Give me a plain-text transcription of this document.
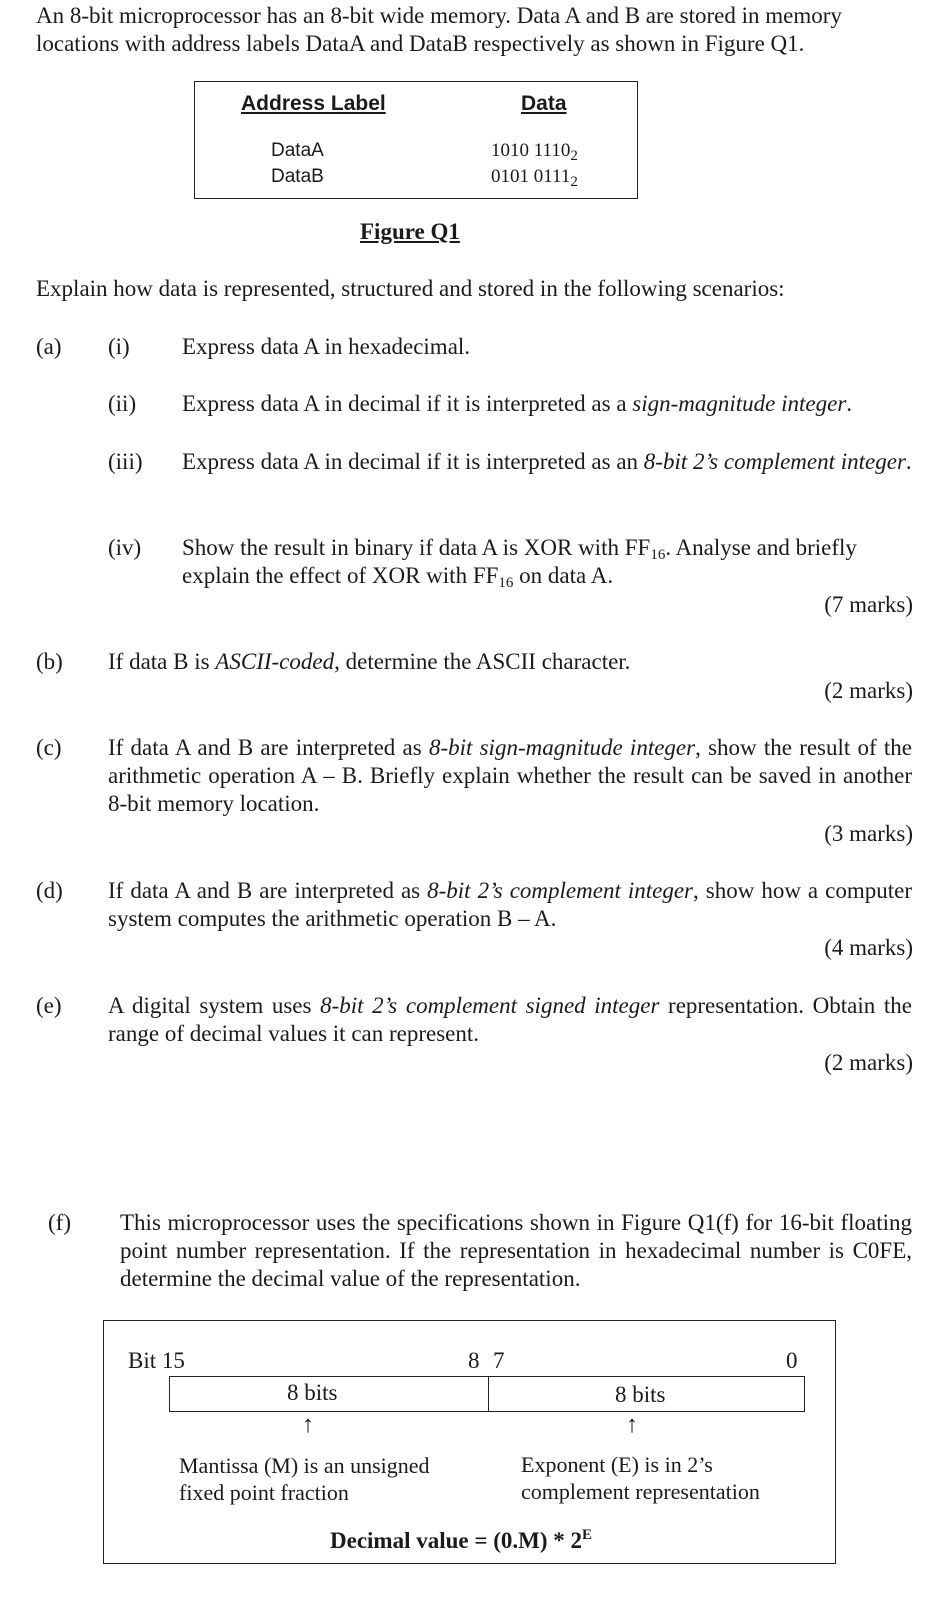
An 8-bit microprocessor has an 8-bit wide memory. Data A and B are stored in memory
locations with address labels DataA and DataB respectively as shown in Figure Q1.
Address Label	Data
DataA	1010 $1110_2$
DataB	0101 $0111_2$
Figure Q1
Explain how data is represented, structured and stored in the following scenarios:
(a) (i) Express data A in hexadecimal.
(ii) Express data A in decimal if it is interpreted as a sign-magnitude integer.
(iii) Express data A in decimal if it is interpreted as an 8-bit 2’s complement integer.
(iv) Show the result in binary if data A is XOR with $FF_{16}$. Analyse and briefly
explain the effect of XOR with $FF_{16}$ on data A.
(7 marks)
(b) If data B is ASCII-coded, determine the ASCII character.
(2 marks)
(c) If data A and B are interpreted as 8-bit sign-magnitude integer, show the result of the arithmetic operation A – B. Briefly explain whether the result can be saved in another 8-bit memory location.
(3 marks)
(d) If data A and B are interpreted as 8-bit 2’s complement integer, show how a computer system computes the arithmetic operation B – A.
(4 marks)
(e) A digital system uses 8-bit 2’s complement signed integer representation. Obtain the range of decimal values it can represent.
(2 marks)
(f) This microprocessor uses the specifications shown in Figure Q1(f) for 16-bit floating point number representation. If the representation in hexadecimal number is C0FE, determine the decimal value of the representation.
Bit 15	8 7	0
8 bits	8 bits
↑	↑
Mantissa (M) is an unsigned
fixed point fraction
Exponent (E) is in 2’s
complement representation
Decimal value = $(0.M) * 2^E$
